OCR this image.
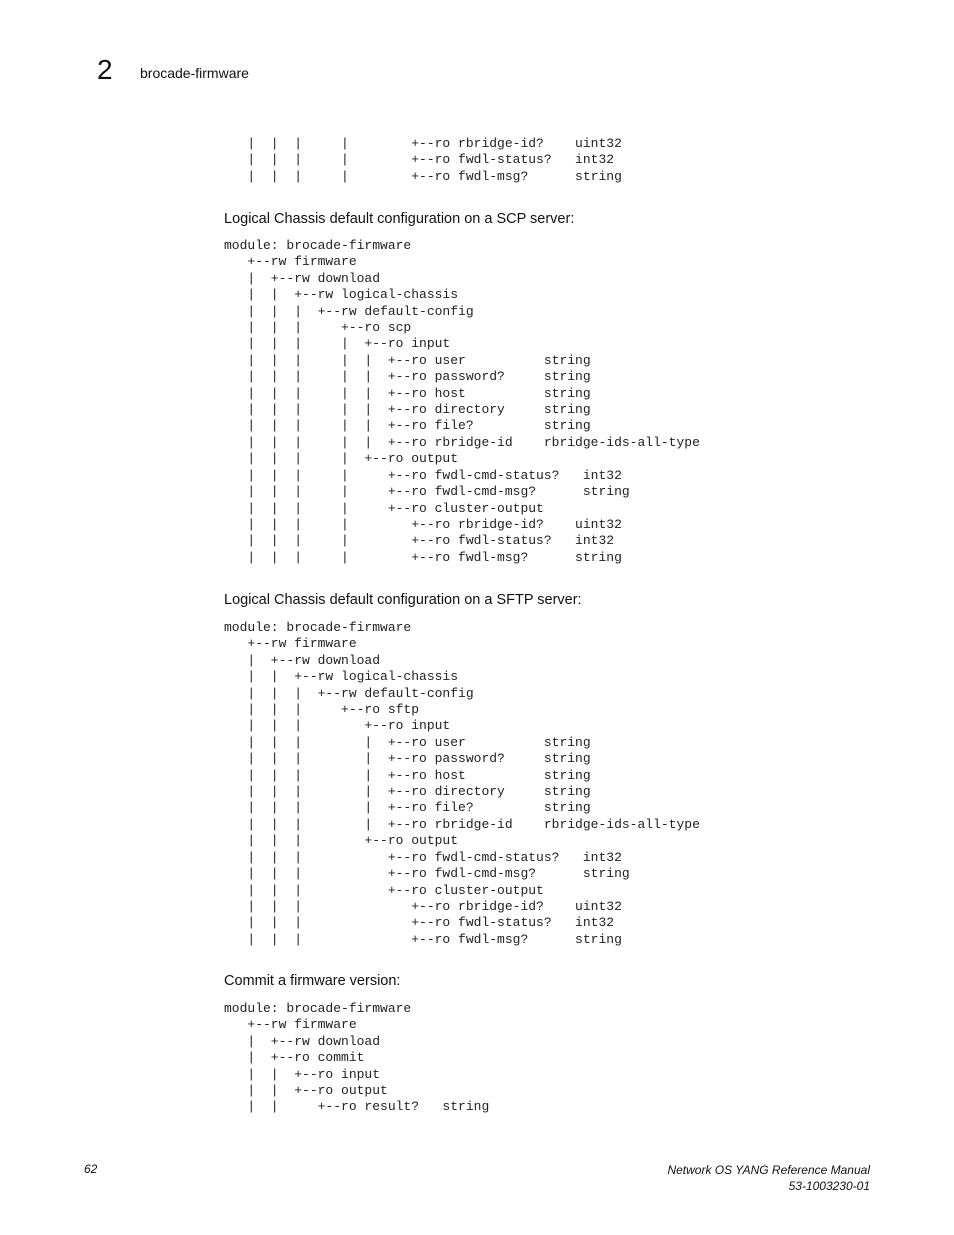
2 brocade-firmware
|  |  |     |        +--ro rbridge-id?    uint32
|  |  |     |        +--ro fwdl-status?   int32
|  |  |     |        +--ro fwdl-msg?      string
Logical Chassis default configuration on a SCP server:
module: brocade-firmware
+--rw firmware
|  +--rw download
|  |  +--rw logical-chassis
|  |  |  +--rw default-config
|  |  |     +--ro scp
|  |  |     |  +--ro input
|  |  |     |  |  +--ro user          string
|  |  |     |  |  +--ro password?     string
|  |  |     |  |  +--ro host          string
|  |  |     |  |  +--ro directory     string
|  |  |     |  |  +--ro file?         string
|  |  |     |  |  +--ro rbridge-id    rbridge-ids-all-type
|  |  |     |  +--ro output
|  |  |     |     +--ro fwdl-cmd-status?   int32
|  |  |     |     +--ro fwdl-cmd-msg?      string
|  |  |     |     +--ro cluster-output
|  |  |     |        +--ro rbridge-id?    uint32
|  |  |     |        +--ro fwdl-status?   int32
|  |  |     |        +--ro fwdl-msg?      string
Logical Chassis default configuration on a SFTP server:
module: brocade-firmware
+--rw firmware
|  +--rw download
|  |  +--rw logical-chassis
|  |  |  +--rw default-config
|  |  |     +--ro sftp
|  |  |        +--ro input
|  |  |        |  +--ro user          string
|  |  |        |  +--ro password?     string
|  |  |        |  +--ro host          string
|  |  |        |  +--ro directory     string
|  |  |        |  +--ro file?         string
|  |  |        |  +--ro rbridge-id    rbridge-ids-all-type
|  |  |        +--ro output
|  |  |           +--ro fwdl-cmd-status?   int32
|  |  |           +--ro fwdl-cmd-msg?      string
|  |  |           +--ro cluster-output
|  |  |              +--ro rbridge-id?    uint32
|  |  |              +--ro fwdl-status?   int32
|  |  |              +--ro fwdl-msg?      string
Commit a firmware version:
module: brocade-firmware
+--rw firmware
|  +--rw download
|  +--ro commit
|  |  +--ro input
|  |  +--ro output
|  |     +--ro result?   string
62	Network OS YANG Reference Manual
53-1003230-01
